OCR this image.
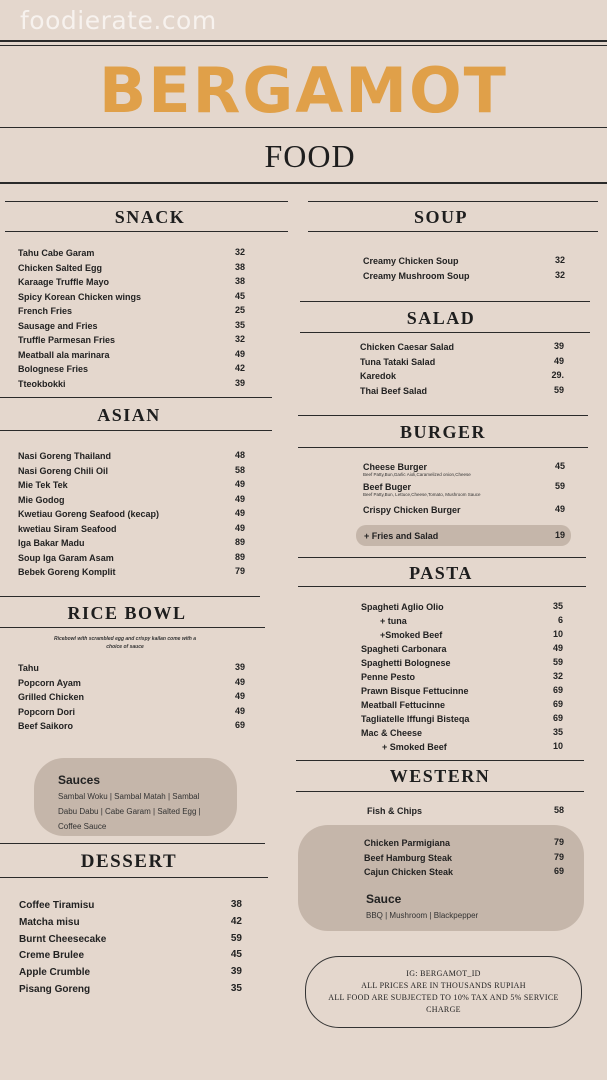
foodierate.com
BERGAMOT
FOOD
SNACK
Tahu Cabe Garam	32
Chicken Salted Egg	38
Karaage Truffle Mayo	38
Spicy Korean Chicken wings	45
French Fries	25
Sausage and Fries	35
Truffle Parmesan Fries	32
Meatball ala marinara	49
Bolognese Fries	42
Tteokbokki	39
ASIAN
Nasi Goreng Thailand	48
Nasi Goreng Chili Oil	58
Mie Tek Tek	49
Mie Godog	49
Kwetiau Goreng Seafood (kecap)	49
kwetiau Siram Seafood	49
Iga Bakar Madu	89
Soup Iga Garam Asam	89
Bebek Goreng Komplit	79
RICE BOWL
Ricebowl with scrambled egg and crispy kailan come with a
choice of sauce
Tahu	39
Popcorn Ayam	49
Grilled Chicken	49
Popcorn Dori	49
Beef Saikoro	69
Sauces
Sambal Woku | Sambal Matah | Sambal
Dabu Dabu | Cabe Garam | Salted Egg |
Coffee Sauce
DESSERT
Coffee Tiramisu	38
Matcha misu	42
Burnt Cheesecake	59
Creme Brulee	45
Apple Crumble	39
Pisang Goreng	35
SOUP
Creamy Chicken Soup	32
Creamy Mushroom Soup	32
SALAD
Chicken Caesar Salad	39
Tuna Tataki Salad	49
Karedok	29.
Thai Beef Salad	59
BURGER
Cheese Burger	45
Beef Patty,Bun,Garlic Aioli,Caramelized onion,Cheese
Beef Buger	59
Beef Patty,Bun, Lettuce,Cheese,Tomato, Mushroom Sauce
Crispy Chicken Burger	49
+ Fries and Salad	19
PASTA
Spagheti Aglio Olio	35
+ tuna	6
+Smoked Beef	10
Spagheti Carbonara	49
Spaghetti Bolognese	59
Penne Pesto	32
Prawn Bisque Fettucinne	69
Meatball Fettucinne	69
Tagliatelle Iffungi Bisteqa	69
Mac & Cheese	35
+ Smoked Beef	10
WESTERN
Fish & Chips	58
Chicken Parmigiana	79
Beef Hamburg Steak	79
Cajun Chicken Steak	69
Sauce
BBQ | Mushroom | Blackpepper
IG: BERGAMOT_ID
ALL PRICES ARE IN THOUSANDS RUPIAH
ALL FOOD ARE SUBJECTED TO 10% TAX AND 5% SERVICE
CHARGE
